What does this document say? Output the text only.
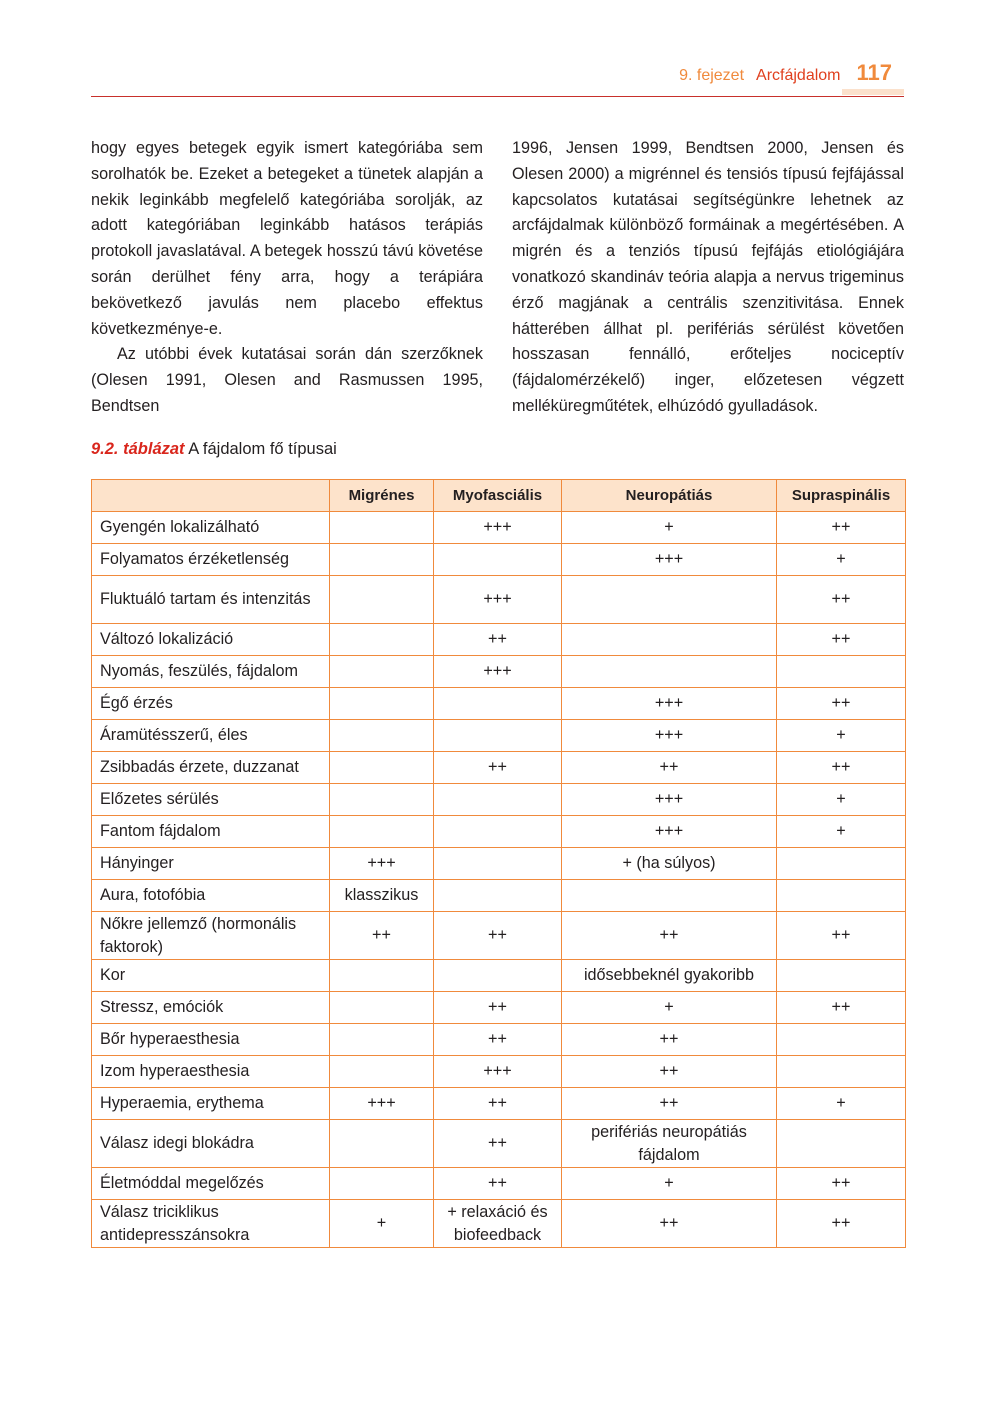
9. fejezet Arcfájdalom 117

hogy egyes betegek egyik ismert kategóriába sem sorolhatók be. Ezeket a betegeket a tünetek alapján a nekik leginkább megfelelő kategóriába sorolják, az adott kategóriában leginkább hatásos terápiás protokoll javaslatával. A betegek hosszú távú követése során derülhet fény arra, hogy a terápiára bekövetkező javulás nem placebo effektus következménye-e.

Az utóbbi évek kutatásai során dán szerzőknek (Olesen 1991, Olesen and Rasmussen 1995, Bendtsen

1996, Jensen 1999, Bendtsen 2000, Jensen és Olesen 2000) a migrénnel és tensiós típusú fejfájással kapcsolatos kutatásai segítségünkre lehetnek az arcfájdalmak különböző formáinak a megértésében. A migrén és a tenziós típusú fejfájás etiológiájára vonatkozó skandináv teória alapja a nervus trigeminus érző magjának a centrális szenzitivitása. Ennek hátterében állhat pl. perifériás sérülést követően hosszasan fennálló, erőteljes nociceptív (fájdalomérzékelő) inger, előzetesen végzett melléküregműtétek, elhúzódó gyulladások.

9.2. táblázat A fájdalom fő típusai
	Migrénes	Myofasciális	Neuropátiás	Supraspinális
Gyengén lokalizálható		+++	+	++
Folyamatos érzéketlenség			+++	+
Fluktuáló tartam és intenzitás		+++		++
Változó lokalizáció		++		++
Nyomás, feszülés, fájdalom		+++		
Égő érzés			+++	++
Áramütésszerű, éles			+++	+
Zsibbadás érzete, duzzanat		++	++	++
Előzetes sérülés			+++	+
Fantom fájdalom			+++	+
Hányinger	+++		+ (ha súlyos)	
Aura, fotofóbia	klasszikus			
Nőkre jellemző (hormonális faktorok)	++	++	++	++
Kor			idősebbeknél gyakoribb	
Stressz, emóciók		++	+	++
Bőr hyperaesthesia		++	++	
Izom hyperaesthesia		+++	++	
Hyperaemia, erythema	+++	++	++	+
Válasz idegi blokádra		++	perifériás neuropátiás fájdalom	
Életmóddal megelőzés		++	+	++
Válasz triciklikus antidepresszánsokra	+	+ relaxáció és biofeedback	++	++
